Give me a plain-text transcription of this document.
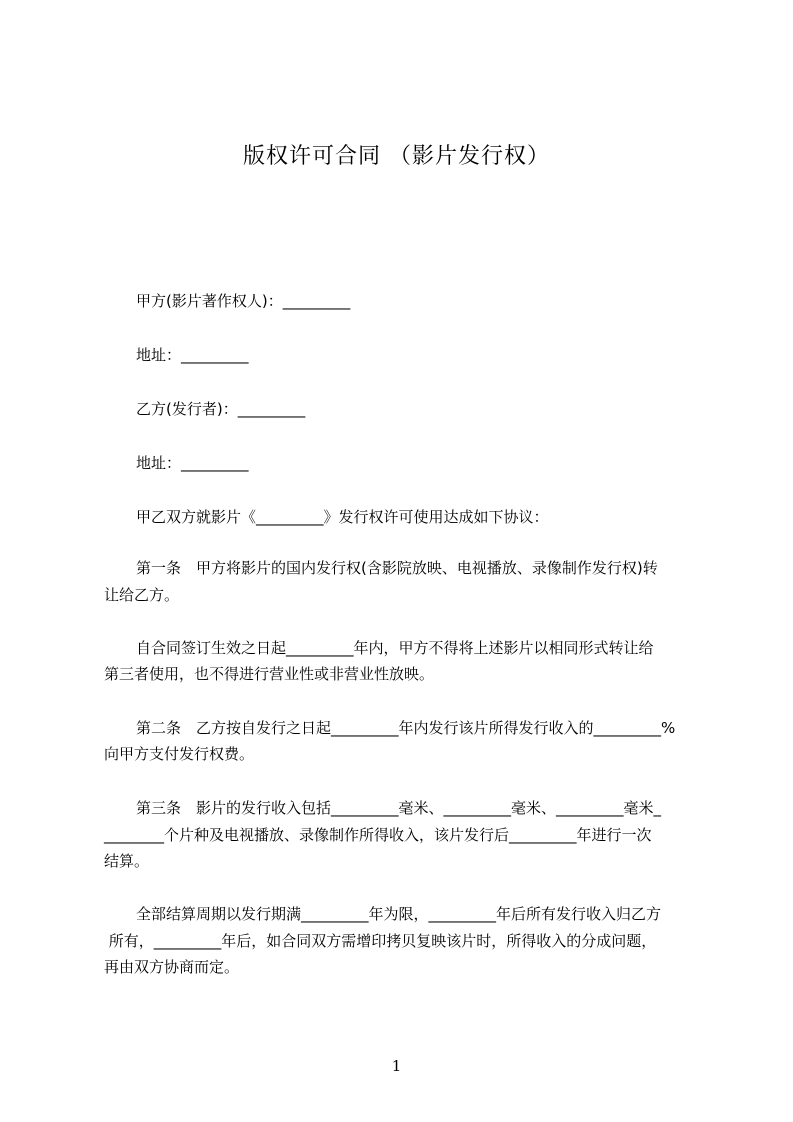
版权许可合同 （影片发行权）
甲方(影片著作权人)：_________
地址：_________
乙方(发行者)：_________
地址：_________
甲乙双方就影片《_________》发行权许可使用达成如下协议：
第一条　甲方将影片的国内发行权(含影院放映、电视播放、录像制作发行权)转
让给乙方。
自合同签订生效之日起_________年内，甲方不得将上述影片以相同形式转让给
第三者使用，也不得进行营业性或非营业性放映。
第二条　乙方按自发行之日起_________年内发行该片所得发行收入的_________%
向甲方支付发行权费。
第三条　影片的发行收入包括_________毫米、_________毫米、_________毫米_
________个片种及电视播放、录像制作所得收入，该片发行后_________年进行一次
结算。
全部结算周期以发行期满_________年为限，_________年后所有发行收入归乙方
所有，_________年后，如合同双方需增印拷贝复映该片时，所得收入的分成问题，
再由双方协商而定。
1
